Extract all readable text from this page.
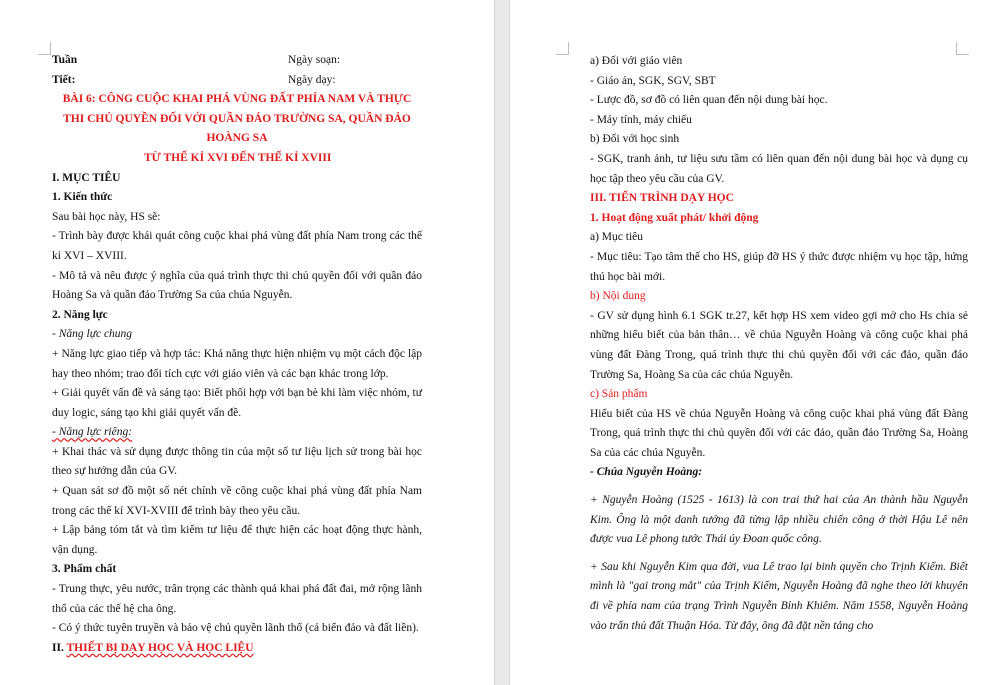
Tuần	Ngày soạn:
Tiết:	Ngày dạy:
BÀI 6: CÔNG CUỘC KHAI PHÁ VÙNG ĐẤT PHÍA NAM VÀ THỰC
THI CHỦ QUYỀN ĐỐI VỚI QUẦN ĐẢO TRƯỜNG SA, QUẦN ĐẢO
HOÀNG SA
TỪ THẾ KỈ XVI ĐẾN THẾ KỈ XVIII
I. MỤC TIÊU
1. Kiến thức
Sau bài học này, HS sẽ:
- Trình bày được khái quát công cuộc khai phá vùng đất phía Nam trong các thế kỉ XVI – XVIII.
- Mô tả và nêu được ý nghĩa của quá trình thực thi chủ quyền đối với quần đảo Hoàng Sa và quần đảo Trường Sa của chúa Nguyễn.
2. Năng lực
- Năng lực chung
+ Năng lực giao tiếp và hợp tác: Khả năng thực hiện nhiệm vụ một cách độc lập hay theo nhóm; trao đổi tích cực với giáo viên và các bạn khác trong lớp.
+ Giải quyết vấn đề và sáng tạo: Biết phối hợp với bạn bè khi làm việc nhóm, tư duy logic, sáng tạo khi giải quyết vấn đề.
- Năng lực riêng:
+ Khai thác và sử dụng được thông tin của một số tư liệu lịch sử trong bài học theo sự hướng dẫn của GV.
+ Quan sát sơ đồ một số nét chính về công cuộc khai phá vùng đất phía Nam trong các thế kỉ XVI-XVIII để trình bày theo yêu cầu.
+ Lập bảng tóm tắt và tìm kiếm tư liệu để thực hiện các hoạt động thực hành, vận dụng.
3. Phẩm chất
- Trung thực, yêu nước, trân trọng các thành quả khai phá đất đai, mở rộng lãnh thổ của các thế hệ cha ông.
- Có ý thức tuyên truyền và bảo vệ chủ quyền lãnh thổ (cả biển đảo và đất liền).
II. THIẾT BỊ DẠY HỌC VÀ HỌC LIỆU
a) Đối với giáo viên
- Giáo án, SGK, SGV, SBT
- Lược đồ, sơ đồ có liên quan đến nội dung bài học.
- Máy tính, máy chiếu
b) Đối với học sinh
- SGK, tranh ảnh, tư liệu sưu tầm có liên quan đến nội dung bài học và dụng cụ học tập theo yêu cầu của GV.
III. TIẾN TRÌNH DẠY HỌC
1. Hoạt động xuất phát/ khởi động
a) Mục tiêu
- Mục tiêu: Tạo tâm thế cho HS, giúp đỡ HS ý thức được nhiệm vụ học tập, hứng thú học bài mới.
b) Nội dung
- GV sử dụng hình 6.1 SGK tr.27, kết hợp HS xem video gợi mở cho Hs chia sẻ những hiểu biết của bản thân… về chúa Nguyễn Hoàng và công cuộc khai phá vùng đất Đàng Trong, quá trình thực thi chủ quyền đối với các đảo, quần đảo Trường Sa, Hoàng Sa của các chúa Nguyễn.
c) Sản phẩm
Hiểu biết của HS về chúa Nguyễn Hoàng và công cuộc khai phá vùng đất Đàng Trong, quá trình thực thi chủ quyền đối với các đảo, quần đảo Trường Sa, Hoàng Sa của các chúa Nguyễn.
- Chúa Nguyễn Hoàng:
+ Nguyễn Hoàng (1525 - 1613) là con trai thứ hai của An thành hầu Nguyễn Kim. Ông là một danh tướng đã từng lập nhiều chiến công ở thời Hậu Lê nên được vua Lê phong tước Thái úy Đoan quốc công.
+ Sau khi Nguyễn Kim qua đời, vua Lê trao lại binh quyền cho Trịnh Kiểm. Biết mình là "gai trong mắt" của Trịnh Kiểm, Nguyễn Hoàng đã nghe theo lời khuyên đi về phía nam của trạng Trình Nguyễn Bỉnh Khiêm. Năm 1558, Nguyễn Hoàng vào trấn thủ đất Thuận Hóa. Từ đây, ông đã đặt nền tảng cho
